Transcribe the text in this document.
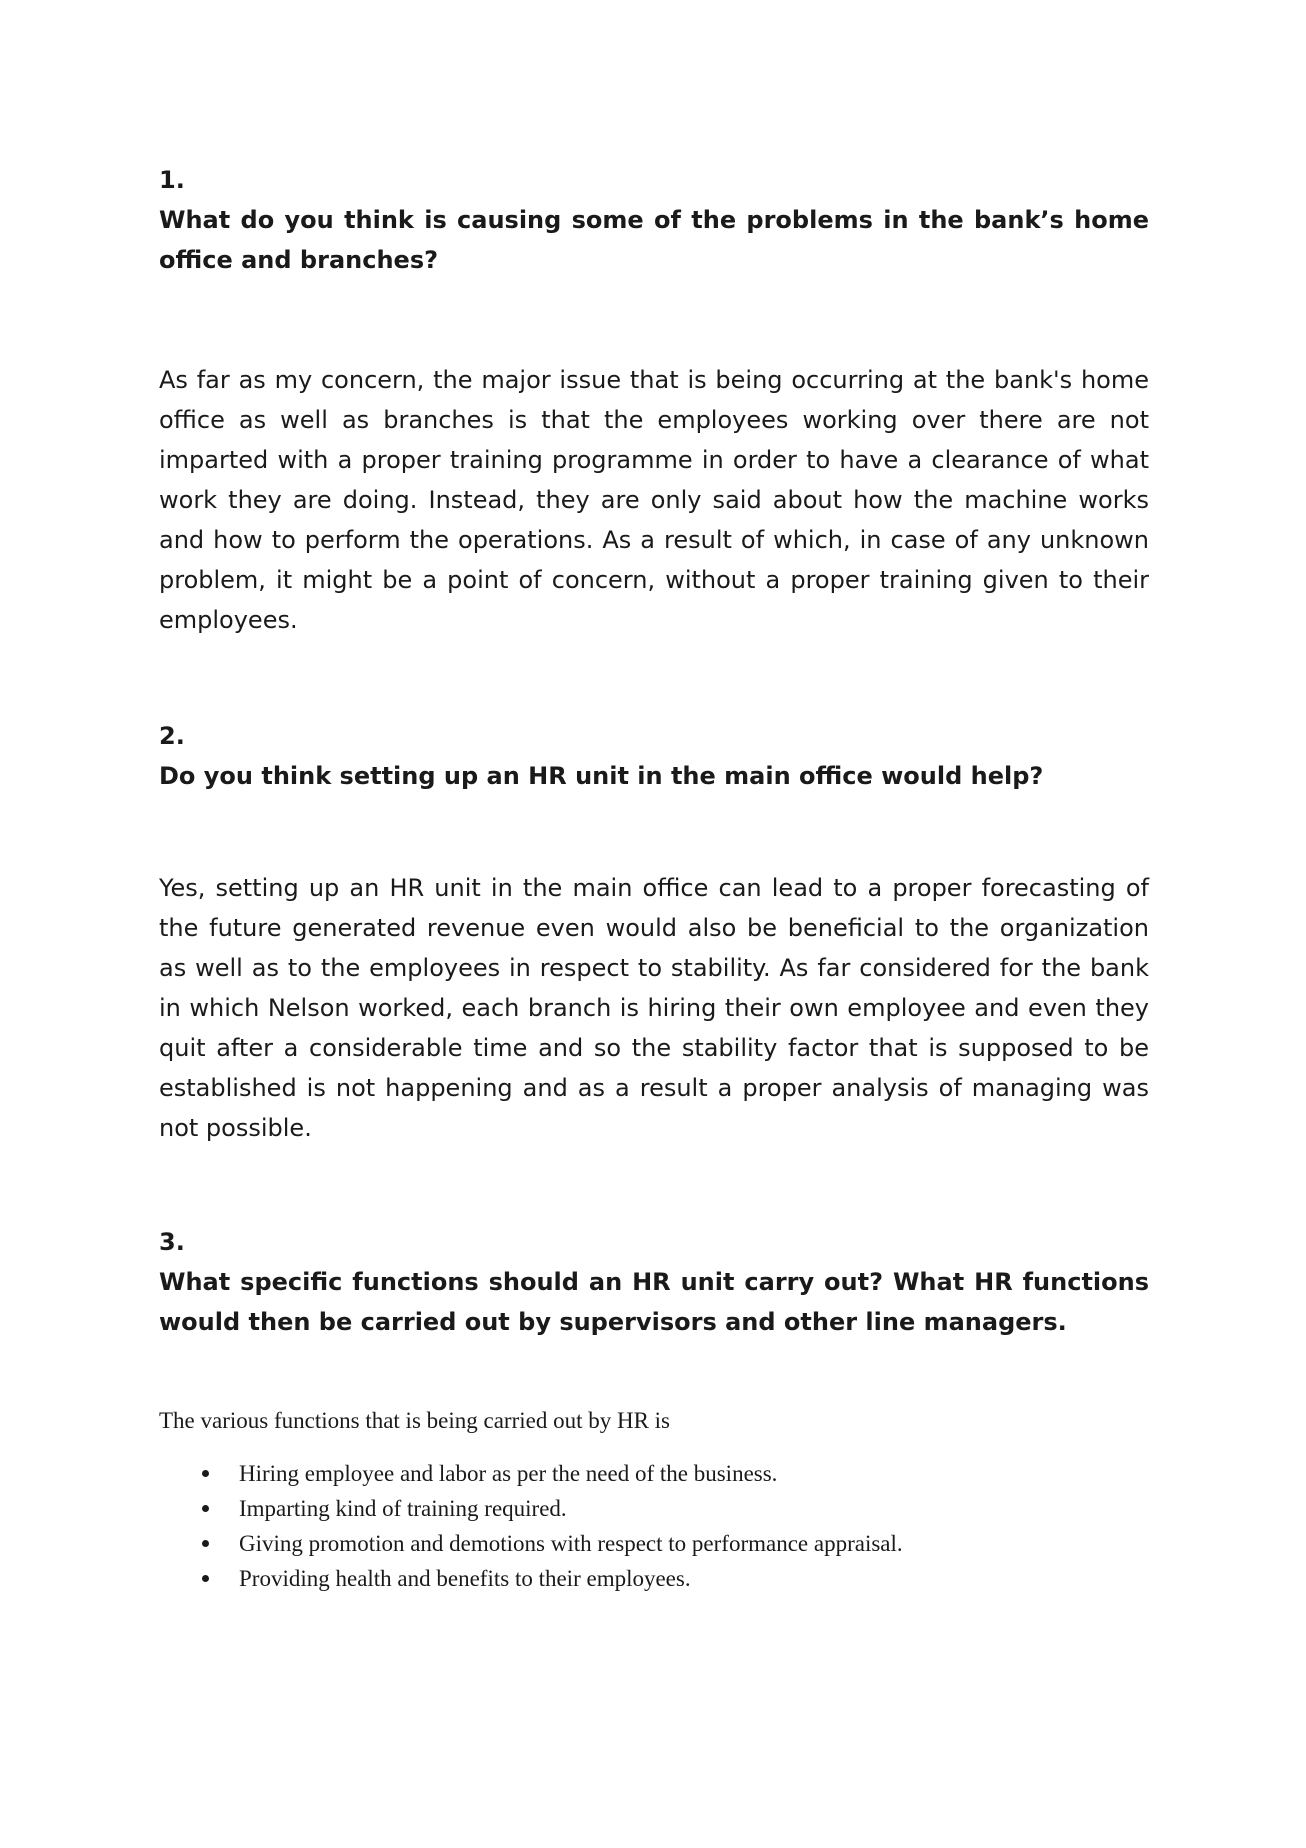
1.

What do you think is causing some of the problems in the bank’s home office and branches?

As far as my concern, the major issue that is being occurring at the bank's home office as well as branches is that the employees working over there are not imparted with a proper training programme in order to have a clearance of what work they are doing. Instead, they are only said about how the machine works and how to perform the operations. As a result of which, in case of any unknown problem, it might be a point of concern, without a proper training given to their employees.

2.

Do you think setting up an HR unit in the main office would help?

Yes, setting up an HR unit in the main office can lead to a proper forecasting of the future generated revenue even would also be beneficial to the organization as well as to the employees in respect to stability. As far considered for the bank in which Nelson worked, each branch is hiring their own employee and even they quit after a considerable time and so the stability factor that is supposed to be established is not happening and as a result a proper analysis of managing was not possible.

3.

What specific functions should an HR unit carry out? What HR functions would then be carried out by supervisors and other line managers.

The various functions that is being carried out by HR is

Hiring employee and labor as per the need of the business.
Imparting kind of training required.
Giving promotion and demotions with respect to performance appraisal.
Providing health and benefits to their employees.
